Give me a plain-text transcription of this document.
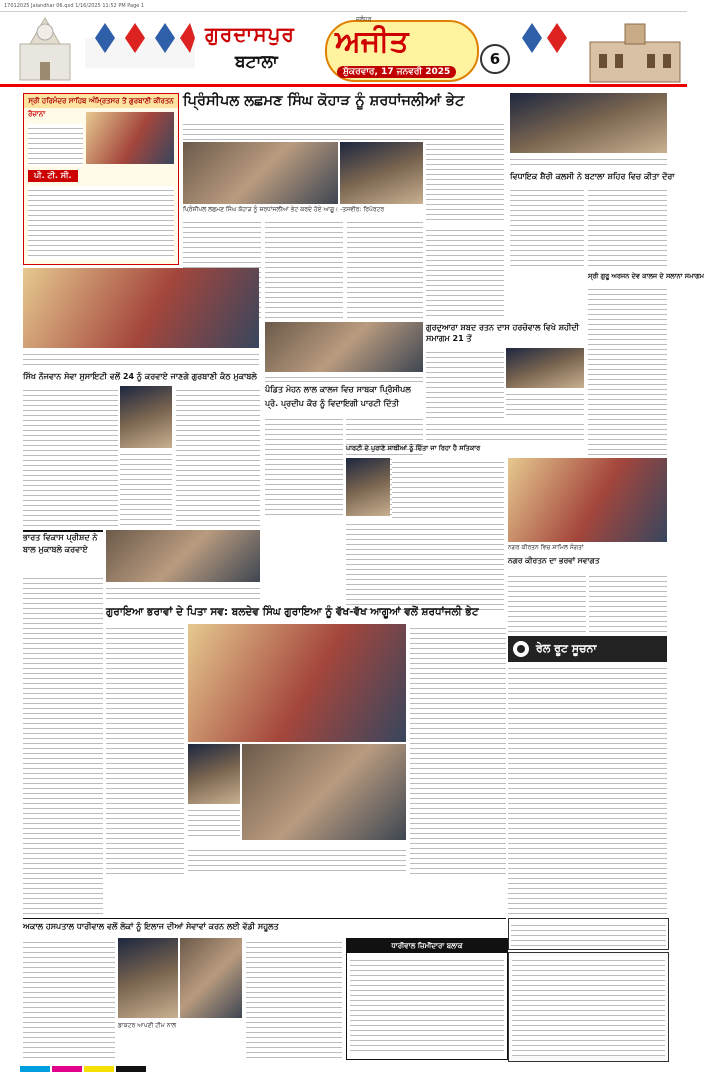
17012025 Jalandhar 06.qxd 1/16/2025 11:52 PM Page 1
ਗੁਰਦਾਸਪੁਰ
ਬਟਾਲਾ
ਜਲੰਧਰ
ਅਜੀਤ
ਸ਼ੁੱਕਰਵਾਰ, 17 ਜਨਵਰੀ 2025
6
ਸ੍ਰੀ ਹਰਿਮੰਦਰ ਸਾਹਿਬ ਅੰਮ੍ਰਿਤਸਰ ਤੋਂ ਗੁਰਬਾਣੀ ਕੀਰਤਨ
ਰੋਜ਼ਾਨਾ
ਪੀ. ਟੀ. ਸੀ.
ਪ੍ਰਿੰਸੀਪਲ ਲਛਮਣ ਸਿੰਘ ਕੋਹਾੜ ਨੂੰ ਸ਼ਰਧਾਂਜਲੀਆਂ ਭੇਟ
ਪ੍ਰਿੰਸੀਪਲ ਲਛਮਣ ਸਿੰਘ ਕੋਹਾੜ ਨੂੰ ਸ਼ਰਧਾਂਜਲੀਆਂ ਭੇਟ ਕਰਦੇ ਹੋਏ ਆਗੂ। -ਤਸਵੀਰ: ਰਿਪੋਰਟਰ
ਵਿਧਾਇਕ ਸ਼ੈਰੀ ਕਲਸੀ ਨੇ ਬਟਾਲਾ ਸ਼ਹਿਰ ਵਿਚ ਕੀਤਾ ਦੌਰਾ
ਸ੍ਰੀ ਗੁਰੂ ਅਰਜਨ ਦੇਵ ਕਾਲਜ ਦੇ ਸਲਾਨਾ ਸਮਾਗਮ
ਪੰਡਿਤ ਮੋਹਨ ਲਾਲ ਕਾਲਜ ਵਿਚ ਸਾਬਕਾ ਪ੍ਰਿੰਸੀਪਲ
ਪ੍ਰੋ. ਪ੍ਰਦੀਪ ਕੌਰ ਨੂੰ ਵਿਦਾਇਗੀ ਪਾਰਟੀ ਦਿੱਤੀ
ਗੁਰਦੁਆਰਾ ਸ਼ਬਦ ਰਤਨ ਦਾਸ ਹਰਚੋਵਾਲ ਵਿਖੇ ਸ਼ਹੀਦੀ ਸਮਾਗਮ 21 ਤੋਂ
ਸਿੱਖ ਨੌਜਵਾਨ ਸੇਵਾ ਸੁਸਾਇਟੀ ਵਲੋਂ 24 ਨੂੰ ਕਰਵਾਏ ਜਾਣਗੇ ਗੁਰਬਾਣੀ ਕੰਠ ਮੁਕਾਬਲੇ
ਪਾਰਟੀ ਦੇ ਪੁਰਾਣੇ ਸਾਥੀਆਂ ਨੂੰ ਦਿੱਤਾ ਜਾ ਰਿਹਾ ਹੈ ਸਤਿਕਾਰ
ਨਗਰ ਕੀਰਤਨ ਵਿਚ ਸ਼ਾਮਿਲ ਸੰਗਤਾਂ
ਨਗਰ ਕੀਰਤਨ ਦਾ ਭਰਵਾਂ ਸਵਾਗਤ
ਭਾਰਤ ਵਿਕਾਸ ਪ੍ਰੀਸ਼ਦ ਨੇ ਬਾਲ ਮੁਕਾਬਲੇ ਕਰਵਾਏ
ਗੁਰਾਇਆ ਭਰਾਵਾਂ ਦੇ ਪਿਤਾ ਸਵ: ਬਲਦੇਵ ਸਿੰਘ ਗੁਰਾਇਆ ਨੂੰ ਵੱਖ-ਵੱਖ ਆਗੂਆਂ ਵਲੋਂ ਸ਼ਰਧਾਂਜਲੀ ਭੇਟ
ਰੇਲ ਰੂਟ ਸੂਚਨਾ
ਅਕਾਲ ਹਸਪਤਾਲ ਧਾਰੀਵਾਲ ਵਲੋਂ ਲੋਕਾਂ ਨੂੰ ਇਲਾਜ ਦੀਆਂ ਸੇਵਾਵਾਂ ਕਰਨ ਲਈ ਵੱਡੀ ਸਹੂਲਤ
ਡਾਕਟਰ ਆਪਣੀ ਟੀਮ ਨਾਲ
ਧਾਰੀਵਾਲ ਜ਼ਿਮੀਂਦਾਰਾ ਬਲਾਕ
